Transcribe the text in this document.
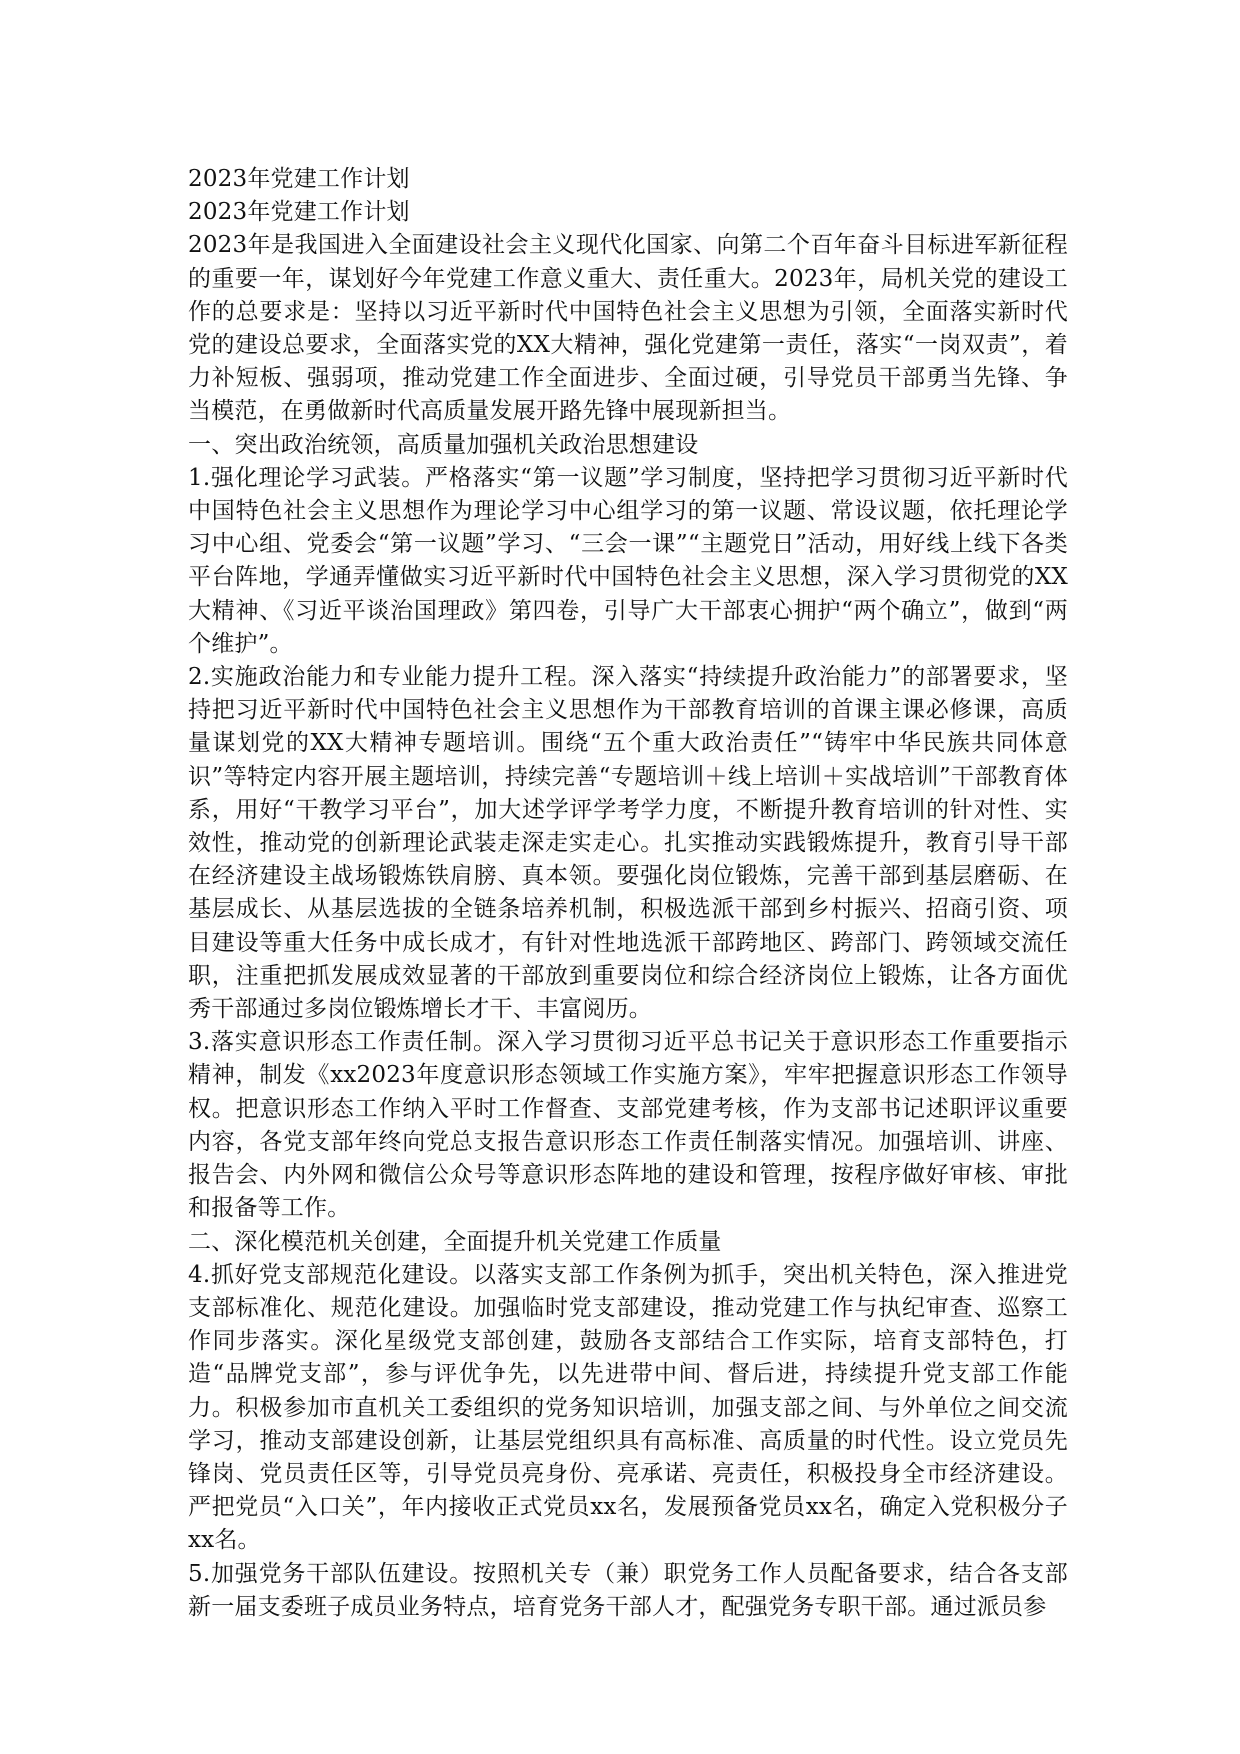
2023年党建工作计划

2023年党建工作计划

2023年是我国进入全面建设社会主义现代化国家、向第二个百年奋斗目标进军新征程的重要一年，谋划好今年党建工作意义重大、责任重大。2023年，局机关党的建设工作的总要求是：坚持以习近平新时代中国特色社会主义思想为引领，全面落实新时代党的建设总要求，全面落实党的XX大精神，强化党建第一责任，落实“一岗双责”，着力补短板、强弱项，推动党建工作全面进步、全面过硬，引导党员干部勇当先锋、争当模范，在勇做新时代高质量发展开路先锋中展现新担当。

一、突出政治统领，高质量加强机关政治思想建设

1.强化理论学习武装。严格落实“第一议题”学习制度，坚持把学习贯彻习近平新时代中国特色社会主义思想作为理论学习中心组学习的第一议题、常设议题，依托理论学习中心组、党委会“第一议题”学习、“三会一课”“主题党日”活动，用好线上线下各类平台阵地，学通弄懂做实习近平新时代中国特色社会主义思想，深入学习贯彻党的XX大精神、《习近平谈治国理政》第四卷，引导广大干部衷心拥护“两个确立”，做到“两个维护”。

2.实施政治能力和专业能力提升工程。深入落实“持续提升政治能力”的部署要求，坚持把习近平新时代中国特色社会主义思想作为干部教育培训的首课主课必修课，高质量谋划党的XX大精神专题培训。围绕“五个重大政治责任”“铸牢中华民族共同体意识”等特定内容开展主题培训，持续完善“专题培训＋线上培训＋实战培训”干部教育体系，用好“干教学习平台”，加大述学评学考学力度，不断提升教育培训的针对性、实效性，推动党的创新理论武装走深走实走心。扎实推动实践锻炼提升，教育引导干部在经济建设主战场锻炼铁肩膀、真本领。要强化岗位锻炼，完善干部到基层磨砺、在基层成长、从基层选拔的全链条培养机制，积极选派干部到乡村振兴、招商引资、项目建设等重大任务中成长成才，有针对性地选派干部跨地区、跨部门、跨领域交流任职，注重把抓发展成效显著的干部放到重要岗位和综合经济岗位上锻炼，让各方面优秀干部通过多岗位锻炼增长才干、丰富阅历。

3.落实意识形态工作责任制。深入学习贯彻习近平总书记关于意识形态工作重要指示精神，制发《xx2023年度意识形态领域工作实施方案》，牢牢把握意识形态工作领导权。把意识形态工作纳入平时工作督查、支部党建考核，作为支部书记述职评议重要内容，各党支部年终向党总支报告意识形态工作责任制落实情况。加强培训、讲座、报告会、内外网和微信公众号等意识形态阵地的建设和管理，按程序做好审核、审批和报备等工作。

二、深化模范机关创建，全面提升机关党建工作质量

4.抓好党支部规范化建设。以落实支部工作条例为抓手，突出机关特色，深入推进党支部标准化、规范化建设。加强临时党支部建设，推动党建工作与执纪审查、巡察工作同步落实。深化星级党支部创建，鼓励各支部结合工作实际，培育支部特色，打造“品牌党支部”，参与评优争先，以先进带中间、督后进，持续提升党支部工作能力。积极参加市直机关工委组织的党务知识培训，加强支部之间、与外单位之间交流学习，推动支部建设创新，让基层党组织具有高标准、高质量的时代性。设立党员先锋岗、党员责任区等，引导党员亮身份、亮承诺、亮责任，积极投身全市经济建设。严把党员“入口关”，年内接收正式党员xx名，发展预备党员xx名，确定入党积极分子xx名。

5.加强党务干部队伍建设。按照机关专（兼）职党务工作人员配备要求，结合各支部新一届支委班子成员业务特点，培育党务干部人才，配强党务专职干部。通过派员参
